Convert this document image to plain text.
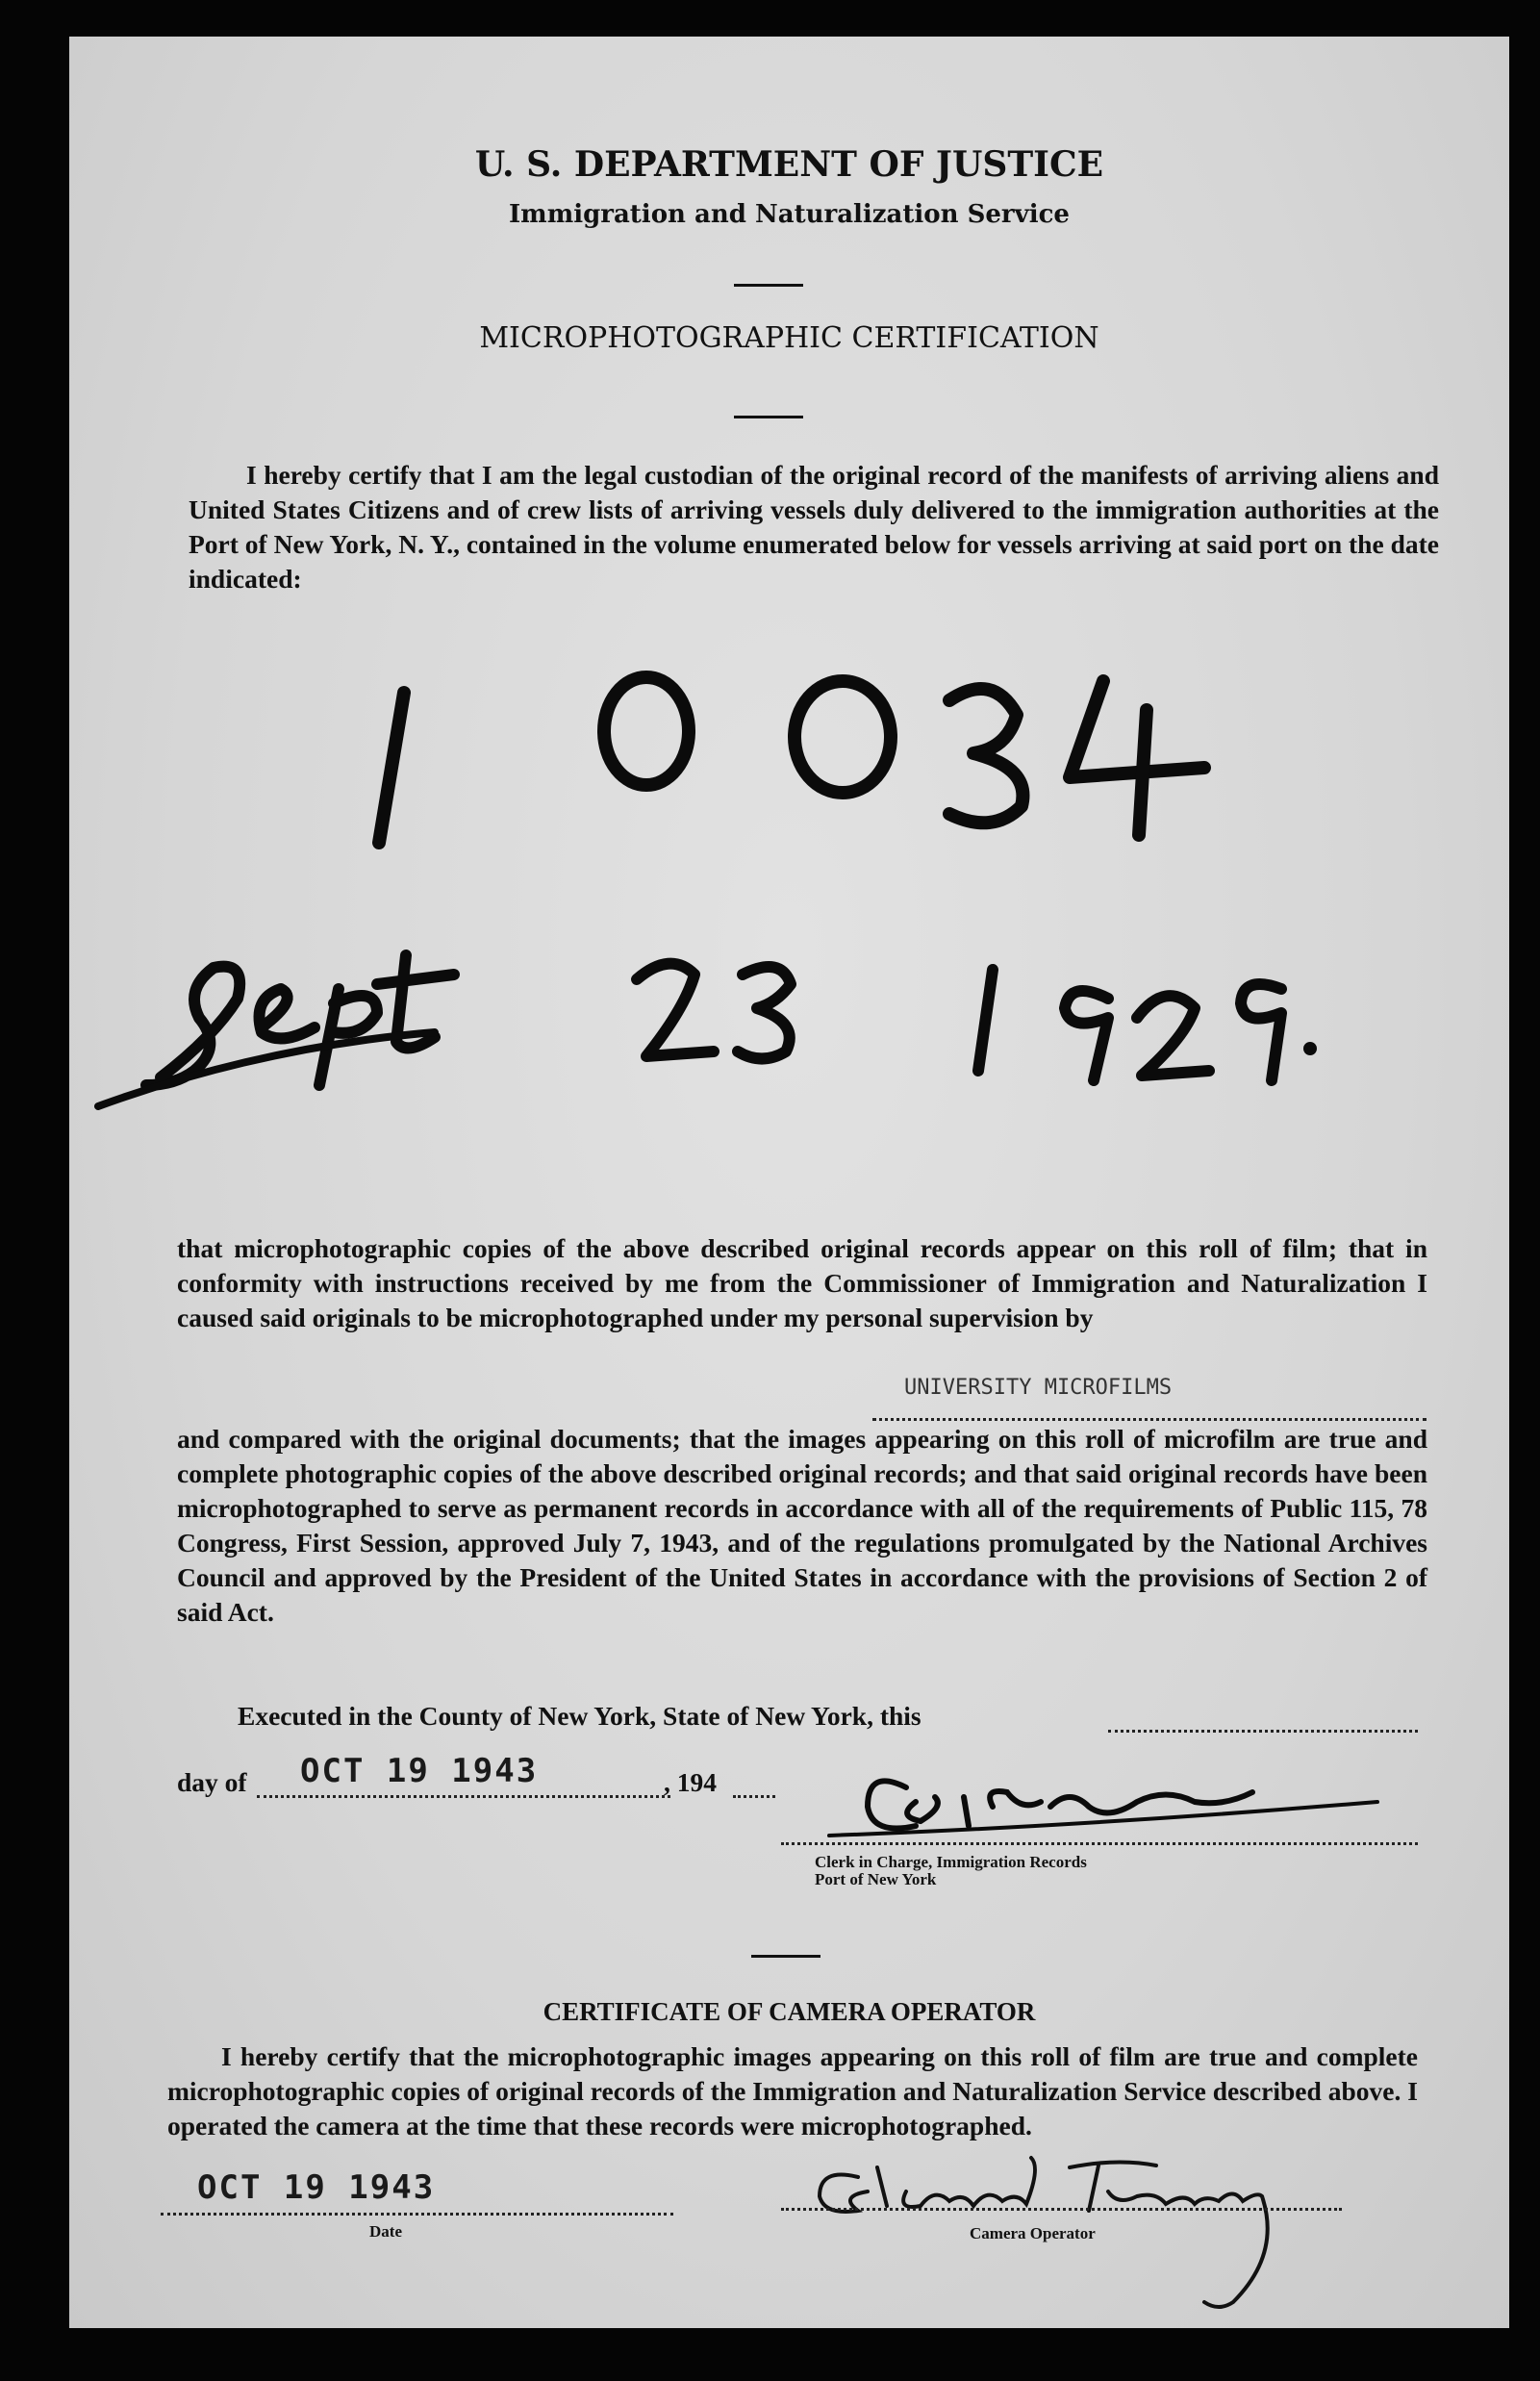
U. S. DEPARTMENT OF JUSTICE
Immigration and Naturalization Service
MICROPHOTOGRAPHIC CERTIFICATION
I hereby certify that I am the legal custodian of the original record of the manifests of arriving aliens and United States Citizens and of crew lists of arriving vessels duly delivered to the immigration authorities at the Port of New York, N. Y., contained in the volume enumerated below for vessels arriving at said port on the date indicated:
that microphotographic copies of the above described original records appear on this roll of film; that in conformity with instructions received by me from the Commissioner of Immigration and Naturalization I caused said originals to be microphotographed under my personal supervision by
UNIVERSITY MICROFILMS
and compared with the original documents; that the images appearing on this roll of microfilm are true and complete photographic copies of the above described original records; and that said original records have been microphotographed to serve as permanent records in accordance with all of the requirements of Public 115, 78 Congress, First Session, approved July 7, 1943, and of the regulations promulgated by the National Archives Council and approved by the President of the United States in accordance with the provisions of Section 2 of said Act.
Executed in the County of New York, State of New York, this
day of	OCT 19 1943	, 194
Clerk in Charge, Immigration Records
Port of New York
CERTIFICATE OF CAMERA OPERATOR
I hereby certify that the microphotographic images appearing on this roll of film are true and complete microphotographic copies of original records of the Immigration and Naturalization Service described above. I operated the camera at the time that these records were microphotographed.
OCT 19 1943
Date	Camera Operator
